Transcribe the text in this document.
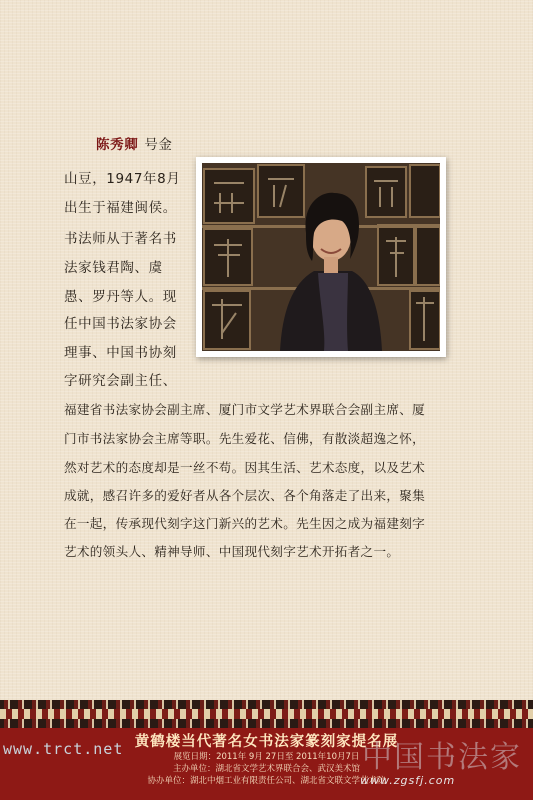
陈秀卿 号金
山豆，1947年8月
出生于福建闽侯。
书法师从于著名书
法家钱君陶、虞
愚、罗丹等人。现
任中国书法家协会
理事、中国书协刻
字研究会副主任、
福建省书法家协会副主席、厦门市文学艺术界联合会副主席、厦
门市书法家协会主席等职。先生爱花、信佛，有散淡超逸之怀，
然对艺术的态度却是一丝不苟。因其生活、艺术态度，以及艺术
成就，感召许多的爱好者从各个层次、各个角落走了出来，聚集
在一起，传承现代刻字这门新兴的艺术。先生因之成为福建刻字
艺术的领头人、精神导师、中国现代刻字艺术开拓者之一。
黄鹤楼当代著名女书法家篆刻家提名展
展览日期：2011年 9月 27日至 2011年10月7日
主办单位：湖北省文学艺术界联合会、武汉美术馆
协办单位：湖北中烟工业有限责任公司、湖北省文联文学艺术院
www.trct.net	中国书法家
www.zgsfj.com
